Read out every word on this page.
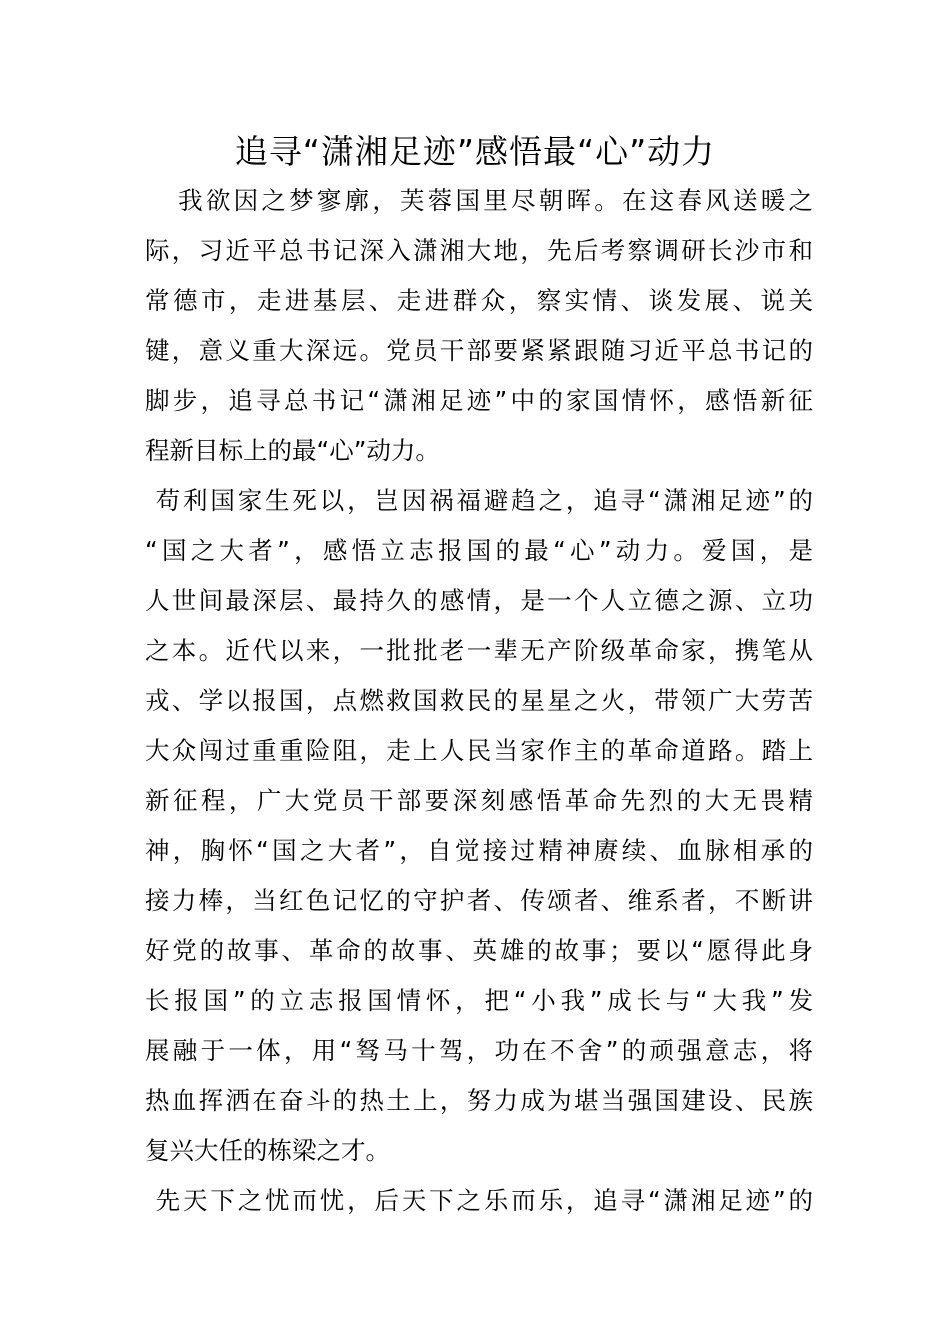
追寻“潇湘足迹”感悟最“心”动力
我欲因之梦寥廓，芙蓉国里尽朝晖。在这春风送暖之
际，习近平总书记深入潇湘大地，先后考察调研长沙市和
常德市，走进基层、走进群众，察实情、谈发展、说关
键，意义重大深远。党员干部要紧紧跟随习近平总书记的
脚步，追寻总书记“潇湘足迹”中的家国情怀，感悟新征
程新目标上的最“心”动力。
苟利国家生死以，岂因祸福避趋之，追寻“潇湘足迹”的
“国之大者”，感悟立志报国的最“心”动力。爱国，是
人世间最深层、最持久的感情，是一个人立德之源、立功
之本。近代以来，一批批老一辈无产阶级革命家，携笔从
戎、学以报国，点燃救国救民的星星之火，带领广大劳苦
大众闯过重重险阻，走上人民当家作主的革命道路。踏上
新征程，广大党员干部要深刻感悟革命先烈的大无畏精
神，胸怀“国之大者”，自觉接过精神赓续、血脉相承的
接力棒，当红色记忆的守护者、传颂者、维系者，不断讲
好党的故事、革命的故事、英雄的故事；要以“愿得此身
长报国”的立志报国情怀，把“小我”成长与“大我”发
展融于一体，用“驽马十驾，功在不舍”的顽强意志，将
热血挥洒在奋斗的热土上，努力成为堪当强国建设、民族
复兴大任的栋梁之才。
先天下之忧而忧，后天下之乐而乐，追寻“潇湘足迹”的
